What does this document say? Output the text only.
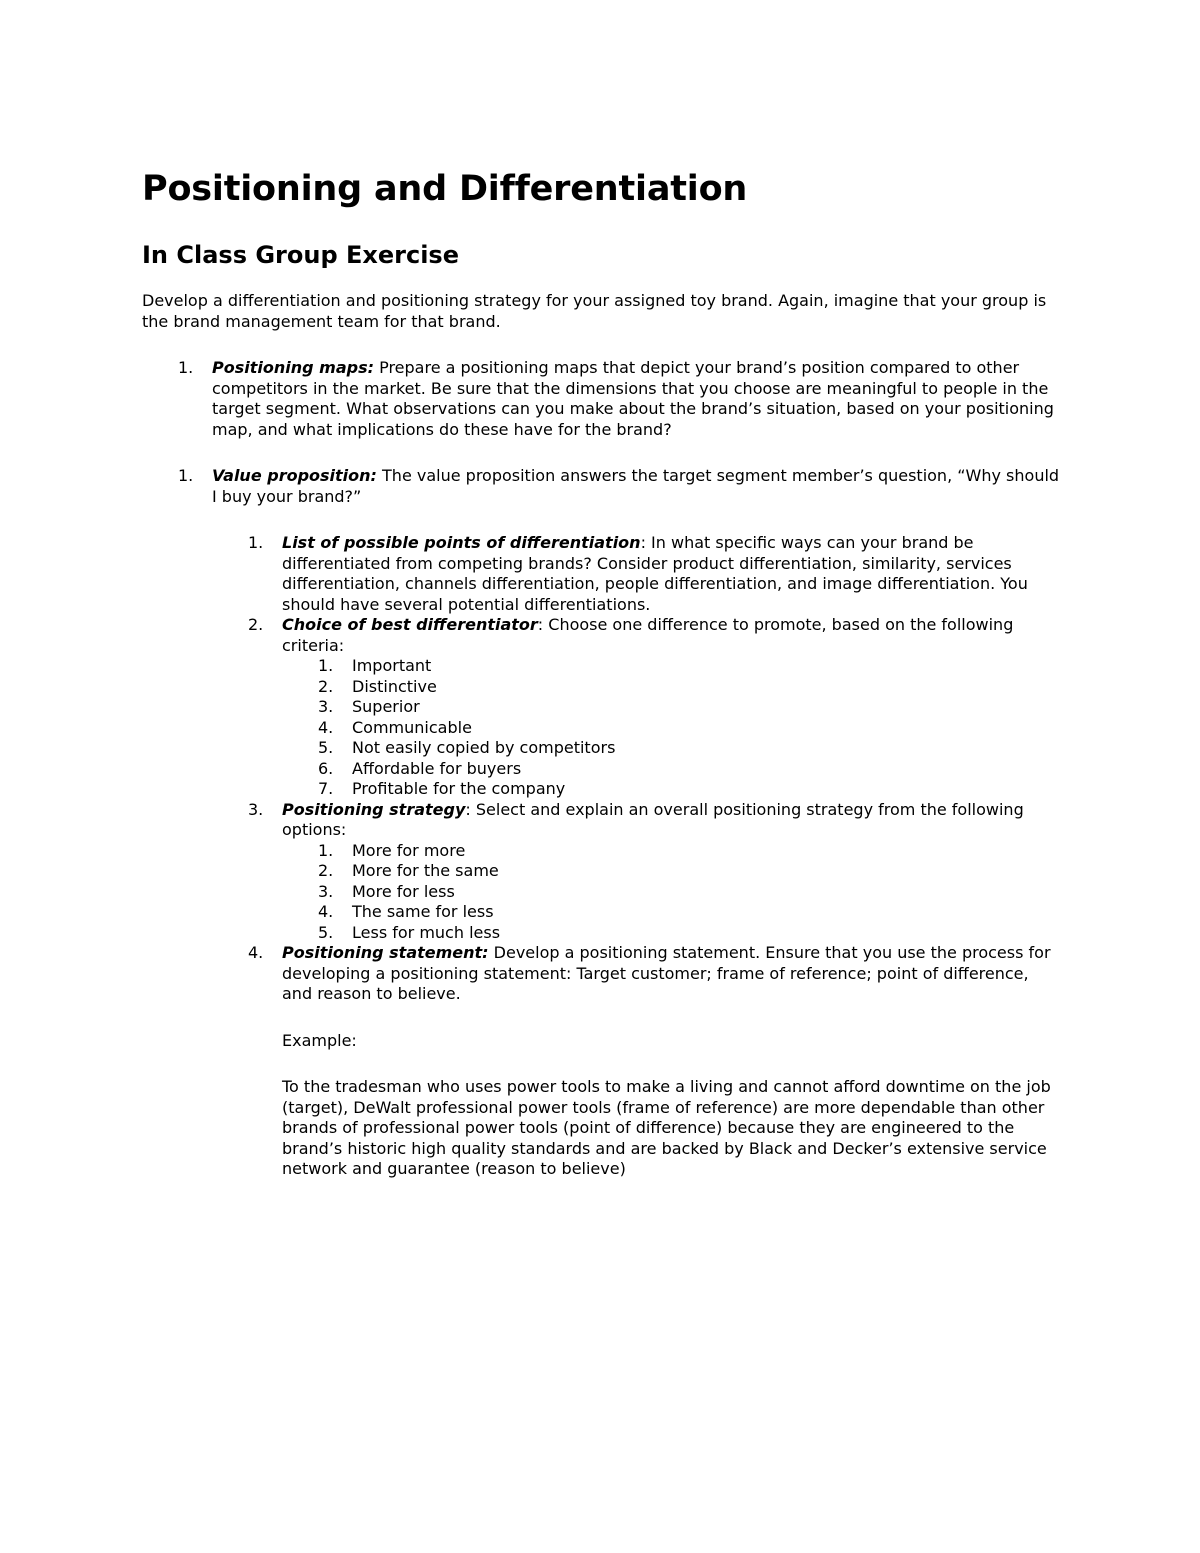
Positioning and Differentiation
In Class Group Exercise

Develop a differentiation and positioning strategy for your assigned toy brand. Again, imagine that your group is the brand management team for that brand.

1. Positioning maps: Prepare a positioning maps that depict your brand’s position compared to other competitors in the market. Be sure that the dimensions that you choose are meaningful to people in the target segment. What observations can you make about the brand’s situation, based on your positioning map, and what implications do these have for the brand?
1. Value proposition: The value proposition answers the target segment member’s question, “Why should I buy your brand?”
1. List of possible points of differentiation: In what specific ways can your brand be differentiated from competing brands? Consider product differentiation, similarity, services differentiation, channels differentiation, people differentiation, and image differentiation. You should have several potential differentiations.
2. Choice of best differentiator: Choose one difference to promote, based on the following criteria:
1. Important
2. Distinctive
3. Superior
4. Communicable
5. Not easily copied by competitors
6. Affordable for buyers
7. Profitable for the company
3. Positioning strategy: Select and explain an overall positioning strategy from the following options:
1. More for more
2. More for the same
3. More for less
4. The same for less
5. Less for much less
4. Positioning statement: Develop a positioning statement. Ensure that you use the process for developing a positioning statement: Target customer; frame of reference; point of difference, and reason to believe.
Example:
To the tradesman who uses power tools to make a living and cannot afford downtime on the job (target), DeWalt professional power tools (frame of reference) are more dependable than other brands of professional power tools (point of difference) because they are engineered to the brand’s historic high quality standards and are backed by Black and Decker’s extensive service network and guarantee (reason to believe)
